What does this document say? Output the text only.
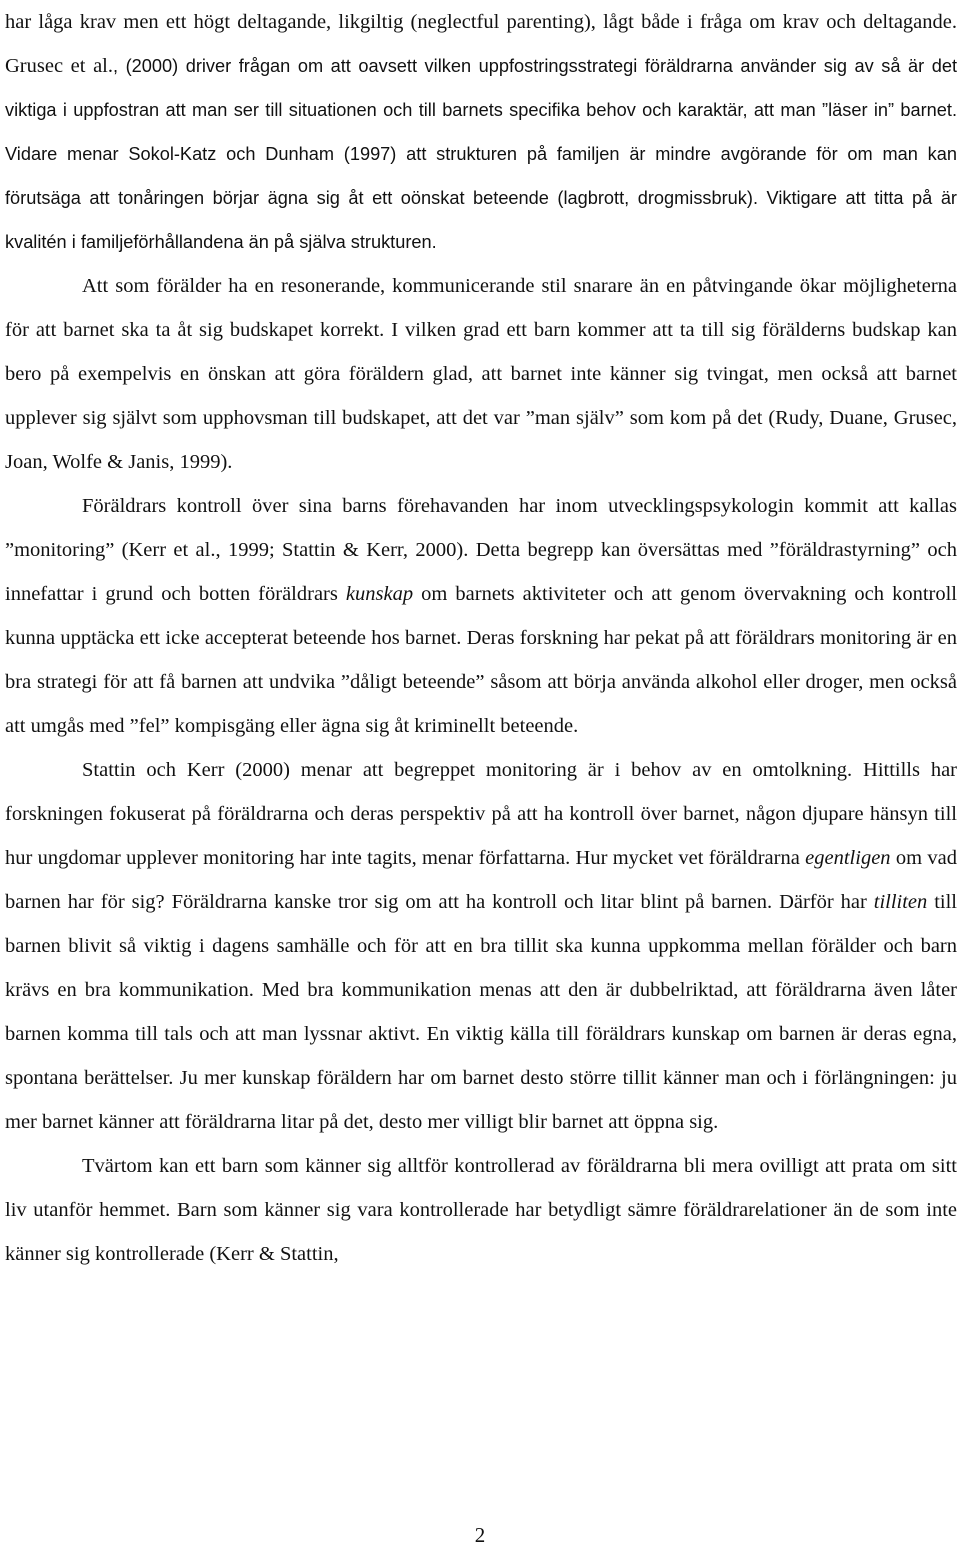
har låga krav men ett högt deltagande, likgiltig (neglectful parenting), lågt både i fråga om krav och deltagande. Grusec et al., (2000) driver frågan om att oavsett vilken uppfostringsstrategi föräldrarna använder sig av så är det viktiga i uppfostran att man ser till situationen och till barnets specifika behov och karaktär, att man ”läser in” barnet. Vidare menar Sokol-Katz och Dunham (1997) att strukturen på familjen är mindre avgörande för om man kan förutsäga att tonåringen börjar ägna sig åt ett oönskat beteende (lagbrott, drogmissbruk). Viktigare att titta på är kvalitén i familjeförhållandena än på själva strukturen.

Att som förälder ha en resonerande, kommunicerande stil snarare än en påtvingande ökar möjligheterna för att barnet ska ta åt sig budskapet korrekt. I vilken grad ett barn kommer att ta till sig förälderns budskap kan bero på exempelvis en önskan att göra föräldern glad, att barnet inte känner sig tvingat, men också att barnet upplever sig självt som upphovsman till budskapet, att det var ”man själv” som kom på det (Rudy, Duane, Grusec, Joan, Wolfe & Janis, 1999).

Föräldrars kontroll över sina barns förehavanden har inom utvecklingspsykologin kommit att kallas ”monitoring” (Kerr et al., 1999; Stattin & Kerr, 2000). Detta begrepp kan översättas med ”föräldrastyrning” och innefattar i grund och botten föräldrars kunskap om barnets aktiviteter och att genom övervakning och kontroll kunna upptäcka ett icke accepterat beteende hos barnet. Deras forskning har pekat på att föräldrars monitoring är en bra strategi för att få barnen att undvika ”dåligt beteende” såsom att börja använda alkohol eller droger, men också att umgås med ”fel” kompisgäng eller ägna sig åt kriminellt beteende.

Stattin och Kerr (2000) menar att begreppet monitoring är i behov av en omtolkning. Hittills har forskningen fokuserat på föräldrarna och deras perspektiv på att ha kontroll över barnet, någon djupare hänsyn till hur ungdomar upplever monitoring har inte tagits, menar författarna. Hur mycket vet föräldrarna egentligen om vad barnen har för sig? Föräldrarna kanske tror sig om att ha kontroll och litar blint på barnen. Därför har tilliten till barnen blivit så viktig i dagens samhälle och för att en bra tillit ska kunna uppkomma mellan förälder och barn krävs en bra kommunikation. Med bra kommunikation menas att den är dubbelriktad, att föräldrarna även låter barnen komma till tals och att man lyssnar aktivt. En viktig källa till föräldrars kunskap om barnen är deras egna, spontana berättelser. Ju mer kunskap föräldern har om barnet desto större tillit känner man och i förlängningen: ju mer barnet känner att föräldrarna litar på det, desto mer villigt blir barnet att öppna sig.

Tvärtom kan ett barn som känner sig alltför kontrollerad av föräldrarna bli mera ovilligt att prata om sitt liv utanför hemmet. Barn som känner sig vara kontrollerade har betydligt sämre föräldrarelationer än de som inte känner sig kontrollerade (Kerr & Stattin,

2
